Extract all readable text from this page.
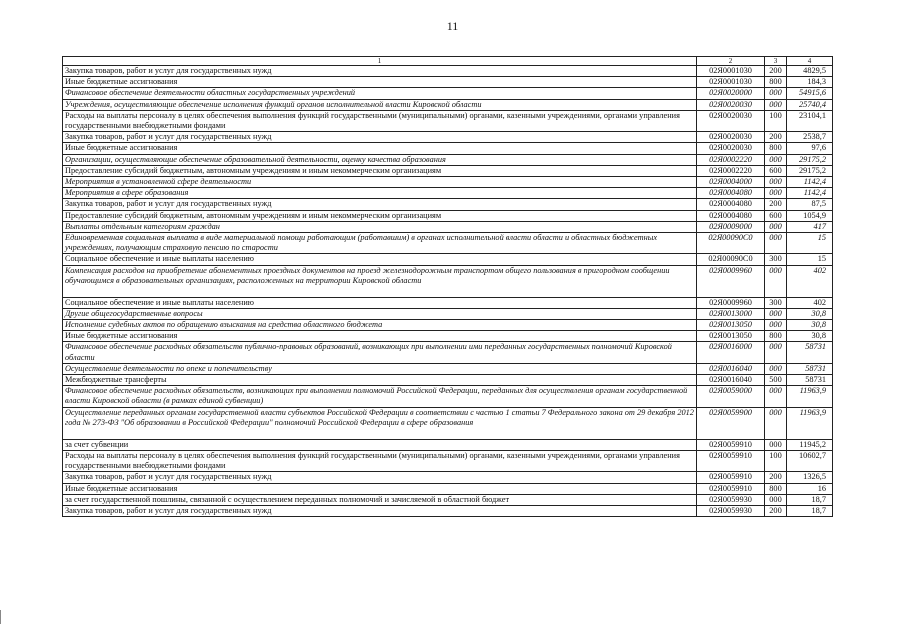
11
1	2	3	4
Закупка товаров, работ и услуг для государственных нужд	02Я0001030	200	4829,5
Иные бюджетные ассигнования	02Я0001030	800	184,3
Финансовое обеспечение деятельности областных государственных учреждений	02Я0020000	000	54915,6
Учреждения, осуществляющие обеспечение исполнения функций органов исполнительной власти Кировской области	02Я0020030	000	25740,4
Расходы на выплаты персоналу в целях обеспечения выполнения функций государственными (муниципальными) органами, казенными учреждениями, органами управления государственными внебюджетными фондами	02Я0020030	100	23104,1
Закупка товаров, работ и услуг для государственных нужд	02Я0020030	200	2538,7
Иные бюджетные ассигнования	02Я0020030	800	97,6
Организации, осуществляющие обеспечение образовательной деятельности, оценку качества образования	02Я0002220	000	29175,2
Предоставление субсидий бюджетным, автономным учреждениям и иным некоммерческим организациям	02Я0002220	600	29175,2
Мероприятия в установленной сфере деятельности	02Я0004000	000	1142,4
Мероприятия в сфере образования	02Я0004080	000	1142,4
Закупка товаров, работ и услуг для государственных нужд	02Я0004080	200	87,5
Предоставление субсидий бюджетным, автономным учреждениям и иным некоммерческим организациям	02Я0004080	600	1054,9
Выплаты отдельным категориям граждан	02Я0009000	000	417
Единовременная социальная выплата в виде материальной помощи работающим (работавшим) в органах исполнительной власти области и областных бюджетных учреждениях, получающим страховую пенсию по старости	02Я00090С0	000	15
Социальное обеспечение и иные выплаты населению	02Я00090С0	300	15
Компенсация расходов на приобретение абонементных проездных документов на проезд железнодорожным транспортом общего пользования в пригородном сообщении обучающимся в образовательных организациях, расположенных на территории Кировской области	02Я0009960	000	402
Социальное обеспечение и иные выплаты населению	02Я0009960	300	402
Другие общегосударственные вопросы	02Я0013000	000	30,8
Исполнение судебных актов по обращению взыскания на средства областного бюджета	02Я0013050	000	30,8
Иные бюджетные ассигнования	02Я0013050	800	30,8
Финансовое обеспечение расходных обязательств публично-правовых образований, возникающих при выполнении ими переданных государственных полномочий Кировской области	02Я0016000	000	58731
Осуществление деятельности по опеке и попечительству	02Я0016040	000	58731
Межбюджетные трансферты	02Я0016040	500	58731
Финансовое обеспечение расходных обязательств, возникающих при выполнении полномочий Российской Федерации, переданных для осуществления органам государственной власти Кировской области (в рамках единой субвенции)	02Я0059000	000	11963,9
Осуществление переданных органам государственной власти субъектов Российской Федерации в соответствии с частью 1 статьи 7 Федерального закона от 29 декабря 2012 года № 273-ФЗ "Об образовании в Российской Федерации" полномочий Российской Федерации в сфере образования	02Я0059900	000	11963,9
за счет субвенции	02Я0059910	000	11945,2
Расходы на выплаты персоналу в целях обеспечения выполнения функций государственными (муниципальными) органами, казенными учреждениями, органами управления государственными внебюджетными фондами	02Я0059910	100	10602,7
Закупка товаров, работ и услуг для государственных нужд	02Я0059910	200	1326,5
Иные бюджетные ассигнования	02Я0059910	800	16
за счет государственной пошлины, связанной с осуществлением переданных полномочий и зачисляемой в областной бюджет	02Я0059930	000	18,7
Закупка товаров, работ и услуг для государственных нужд	02Я0059930	200	18,7
